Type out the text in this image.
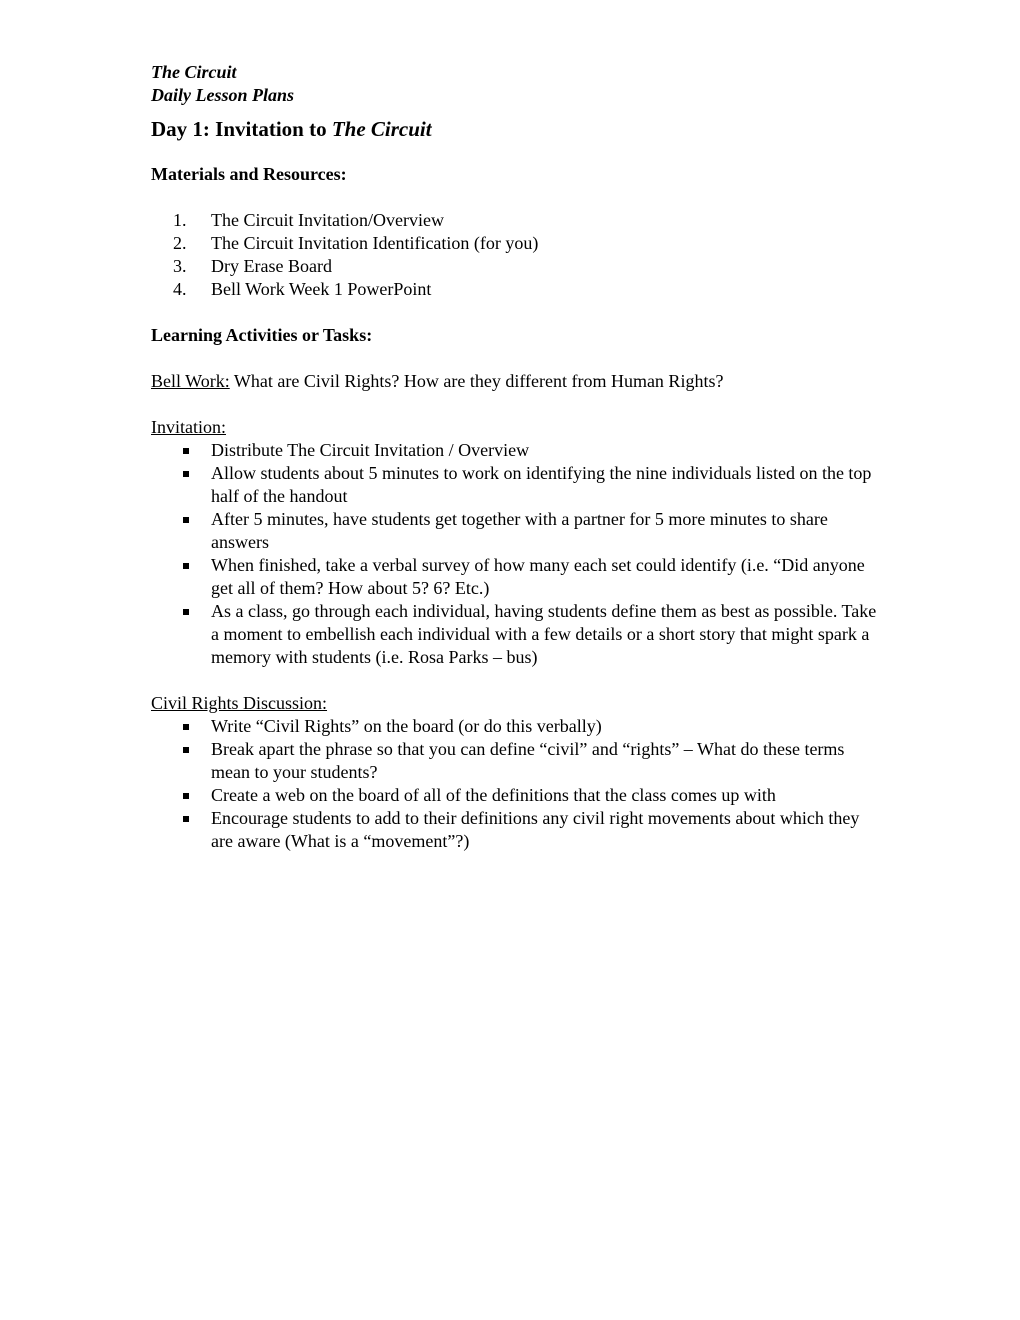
The Circuit

Daily Lesson Plans

Day 1: Invitation to The Circuit

Materials and Resources:

1.	The Circuit Invitation/Overview
2.	The Circuit Invitation Identification (for you)
3.	Dry Erase Board
4.	Bell Work Week 1 PowerPoint

Learning Activities or Tasks:

Bell Work: What are Civil Rights? How are they different from Human Rights?

Invitation:

Distribute The Circuit Invitation / Overview
Allow students about 5 minutes to work on identifying the nine individuals listed on the top half of the handout
After 5 minutes, have students get together with a partner for 5 more minutes to share answers
When finished, take a verbal survey of how many each set could identify (i.e. “Did anyone get all of them? How about 5? 6? Etc.)
As a class, go through each individual, having students define them as best as possible. Take a moment to embellish each individual with a few details or a short story that might spark a memory with students (i.e. Rosa Parks – bus)

Civil Rights Discussion:

Write “Civil Rights” on the board (or do this verbally)
Break apart the phrase so that you can define “civil” and “rights” – What do these terms mean to your students?
Create a web on the board of all of the definitions that the class comes up with
Encourage students to add to their definitions any civil right movements about which they are aware (What is a “movement”?)
